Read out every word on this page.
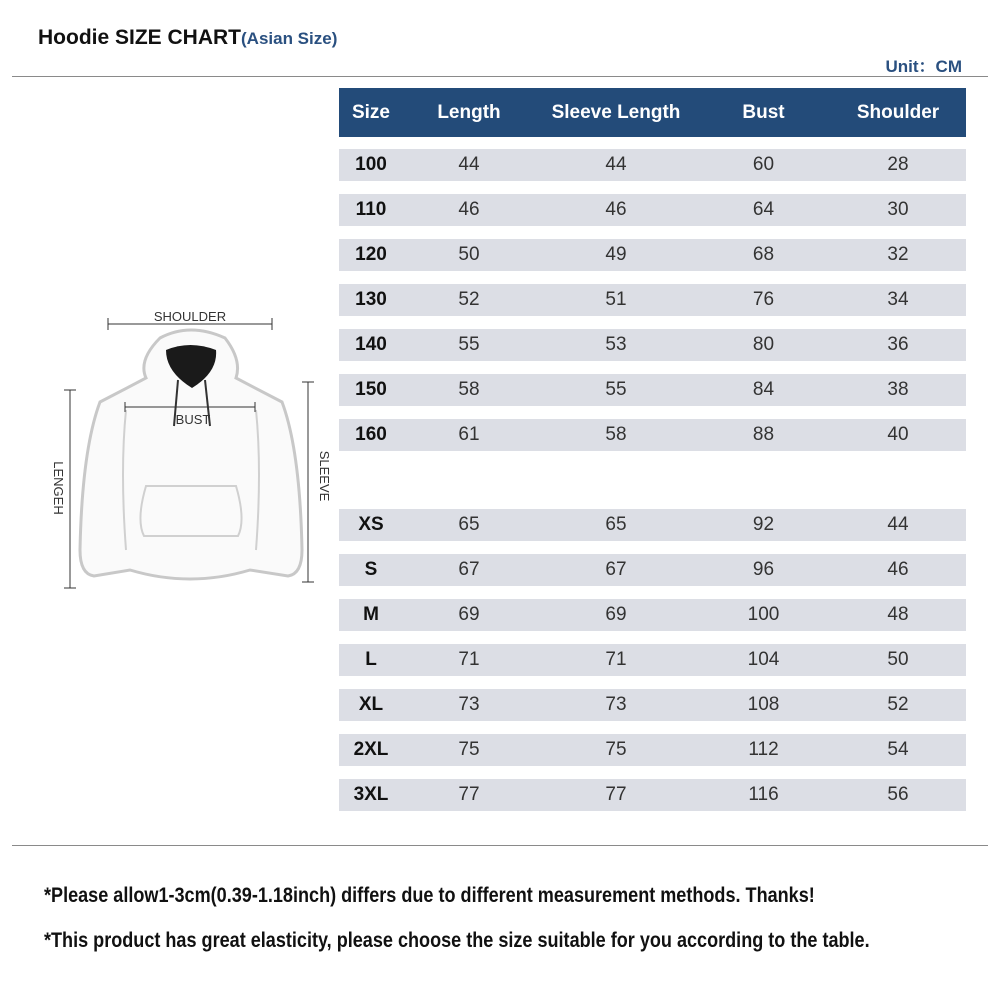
Hoodie SIZE CHART(Asian Size)
Unit：CM
SHOULDER
BUST
LENGEH	SLEEVE
Size	Length	Sleeve Length	Bust	Shoulder
100	44	44	60	28
110	46	46	64	30
120	50	49	68	32
130	52	51	76	34
140	55	53	80	36
150	58	55	84	38
160	61	58	88	40
XS	65	65	92	44
S	67	67	96	46
M	69	69	100	48
L	71	71	104	50
XL	73	73	108	52
2XL	75	75	112	54
3XL	77	77	116	56
*Please allow1-3cm(0.39-1.18inch) differs due to different measurement methods. Thanks!
*This product has great elasticity, please choose the size suitable for you according to the table.
